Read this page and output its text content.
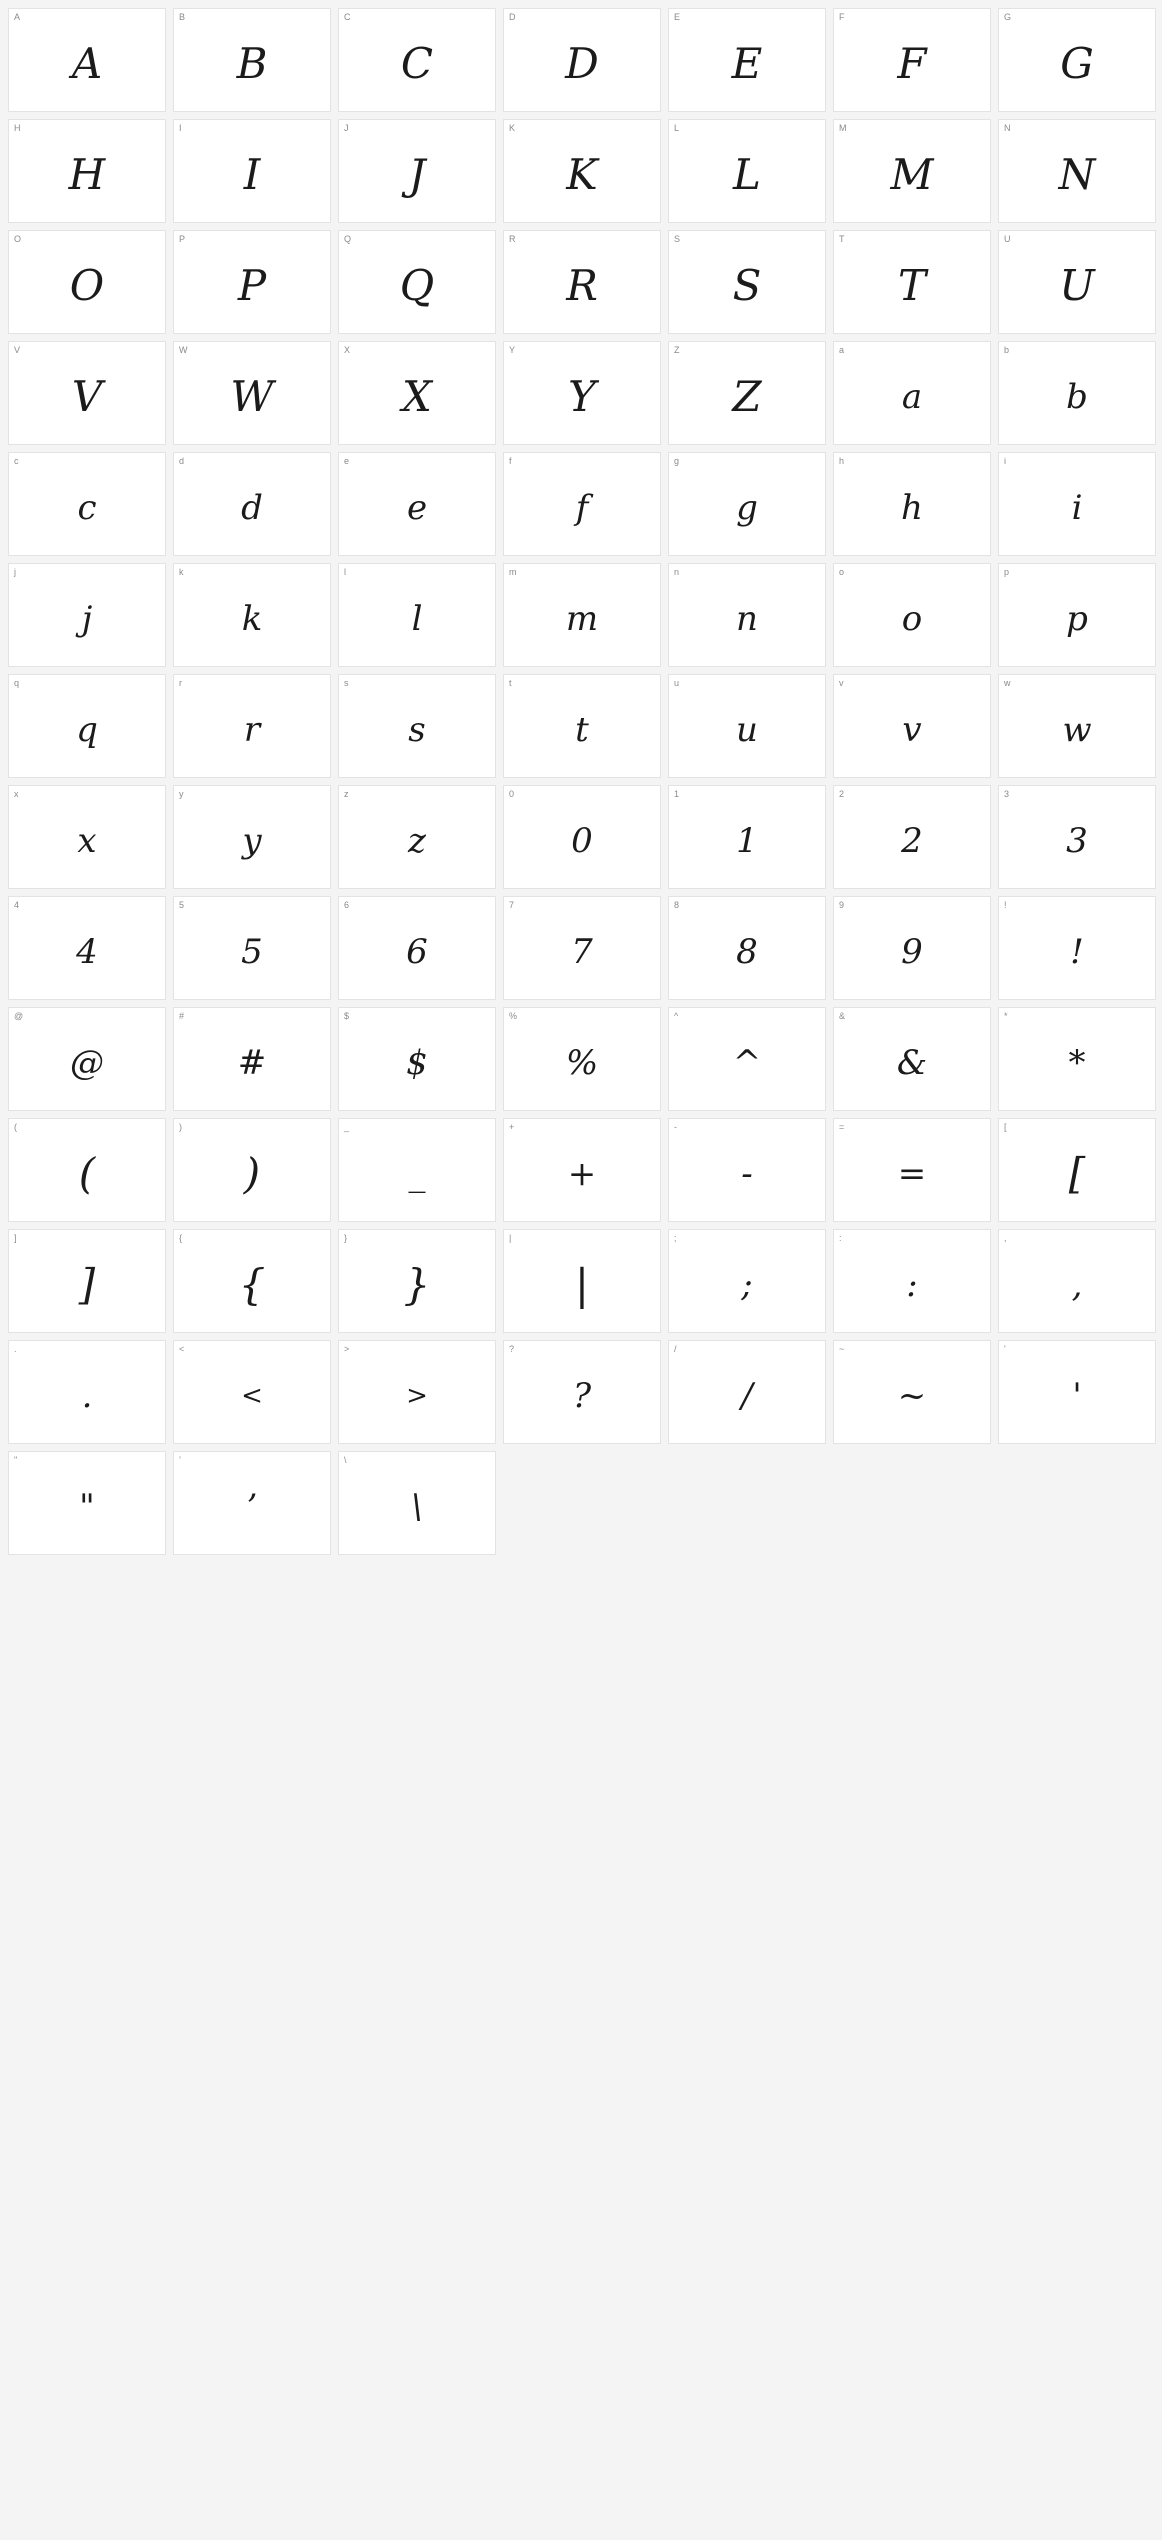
A
A
B
B
C
C
D
D
E
E
F
F
G
G
H
H
I
I
J
J
K
K
L
L
M
M
N
N
O
O
P
P
Q
Q
R
R
S
S
T
T
U
U
V
V
W
W
X
X
Y
Y
Z
Z
a
a
b
b
c
c
d
d
e
e
f
f
g
g
h
h
i
i
j
j
k
k
l
l
m
m
n
n
o
o
p
p
q
q
r
r
s
s
t
t
u
u
v
v
w
w
x
x
y
y
z
z
0
0
1
1
2
2
3
3
4
4
5
5
6
6
7
7
8
8
9
9
!
!
@
@
#
#
$
$
%
%
^
^
&
&
*
*
(
(
)
)
_
_
+
+
-
-
=
=
[
[
]
]
{
{
}
}
|
|
;
;
:
:
,
,
.
.
<
<
>
>
?
?
/
/
~
~
'
'
"
"
’
’
\
\
